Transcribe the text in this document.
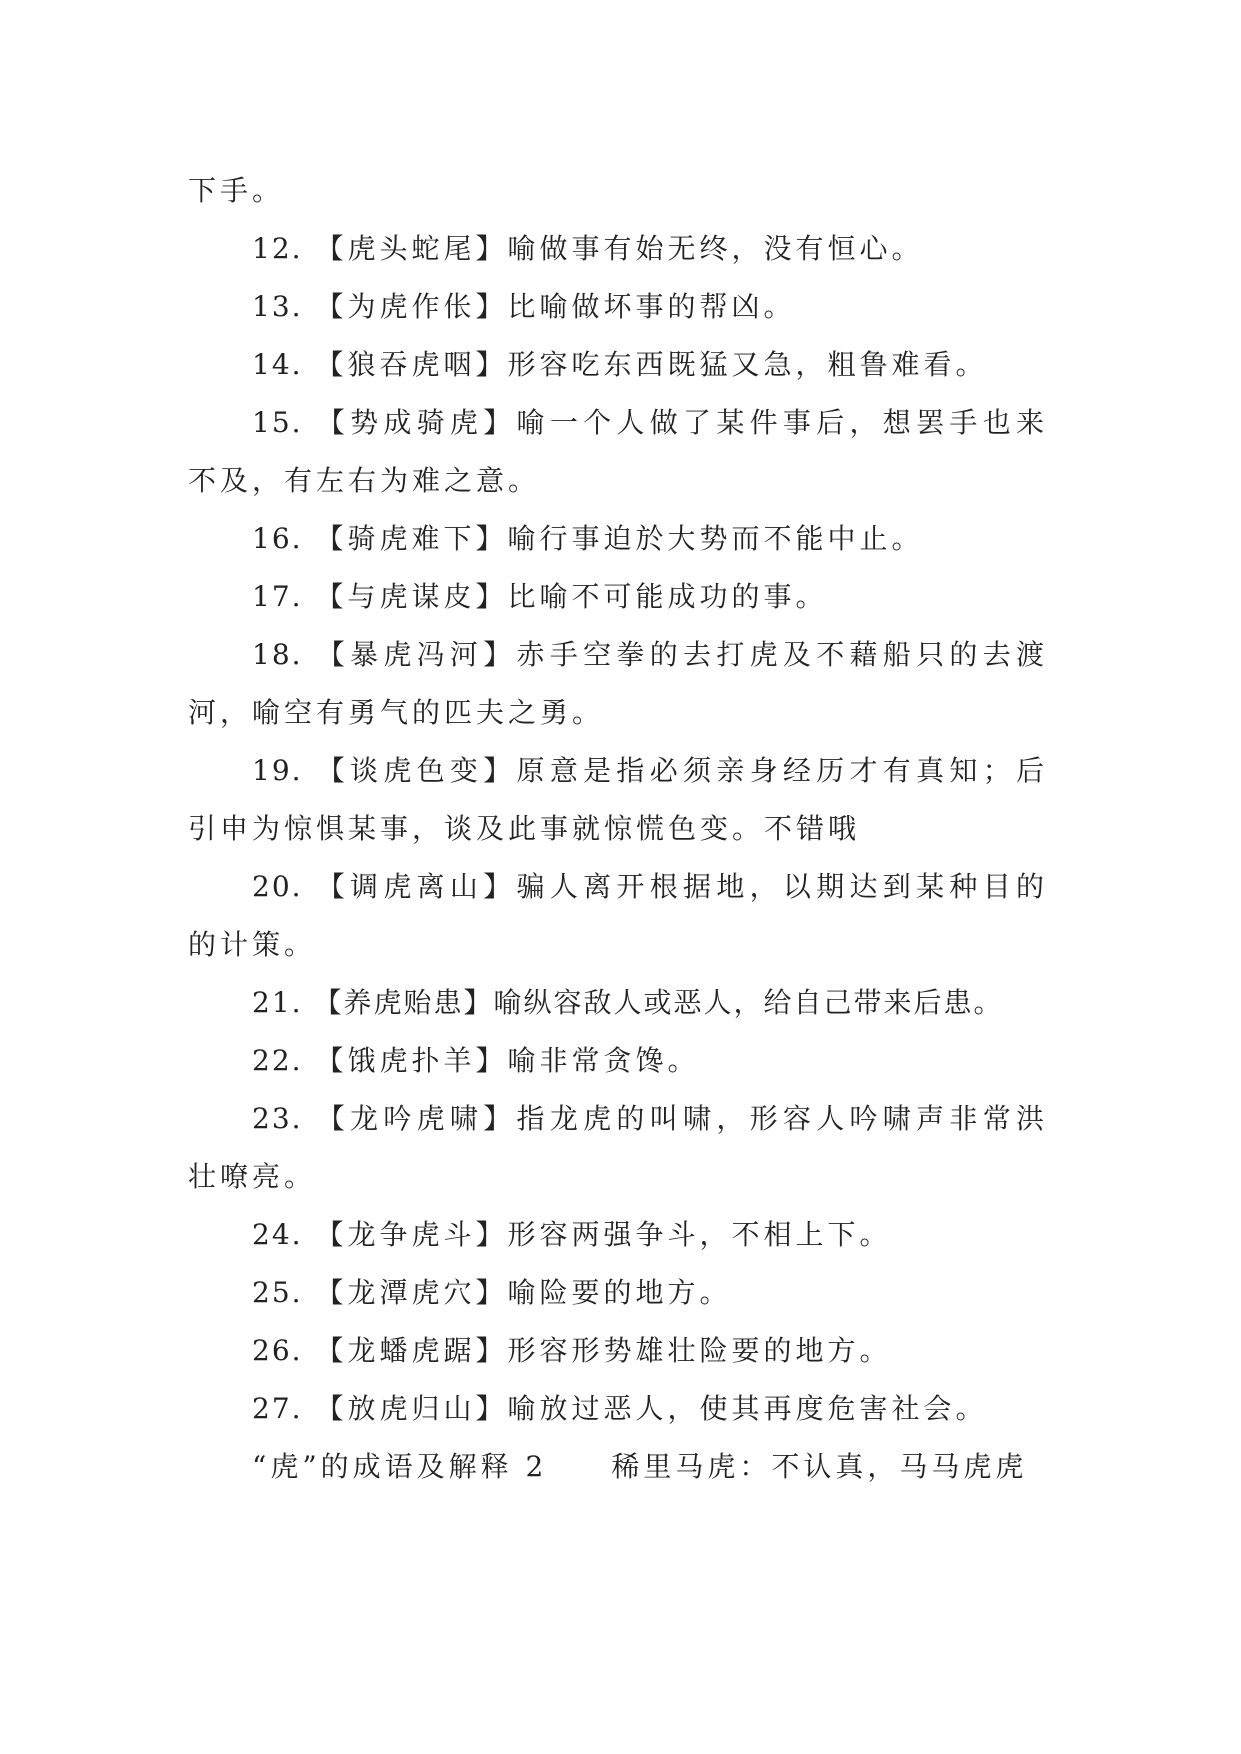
下手。

12. 【虎头蛇尾】喻做事有始无终，没有恒心。

13. 【为虎作伥】比喻做坏事的帮凶。

14. 【狼吞虎咽】形容吃东西既猛又急，粗鲁难看。

15. 【势成骑虎】喻一个人做了某件事后，想罢手也来不及，有左右为难之意。

16. 【骑虎难下】喻行事迫於大势而不能中止。

17. 【与虎谋皮】比喻不可能成功的事。

18. 【暴虎冯河】赤手空拳的去打虎及不藉船只的去渡河，喻空有勇气的匹夫之勇。

19. 【谈虎色变】原意是指必须亲身经历才有真知；后引申为惊惧某事，谈及此事就惊慌色变。不错哦

20. 【调虎离山】骗人离开根据地，以期达到某种目的的计策。

21. 【养虎贻患】喻纵容敌人或恶人，给自己带来后患。

22. 【饿虎扑羊】喻非常贪馋。

23. 【龙吟虎啸】指龙虎的叫啸，形容人吟啸声非常洪壮嘹亮。

24. 【龙争虎斗】形容两强争斗，不相上下。

25. 【龙潭虎穴】喻险要的地方。

26. 【龙蟠虎踞】形容形势雄壮险要的地方。

27. 【放虎归山】喻放过恶人，使其再度危害社会。

“虎”的成语及解释 2 稀里马虎：不认真，马马虎虎
